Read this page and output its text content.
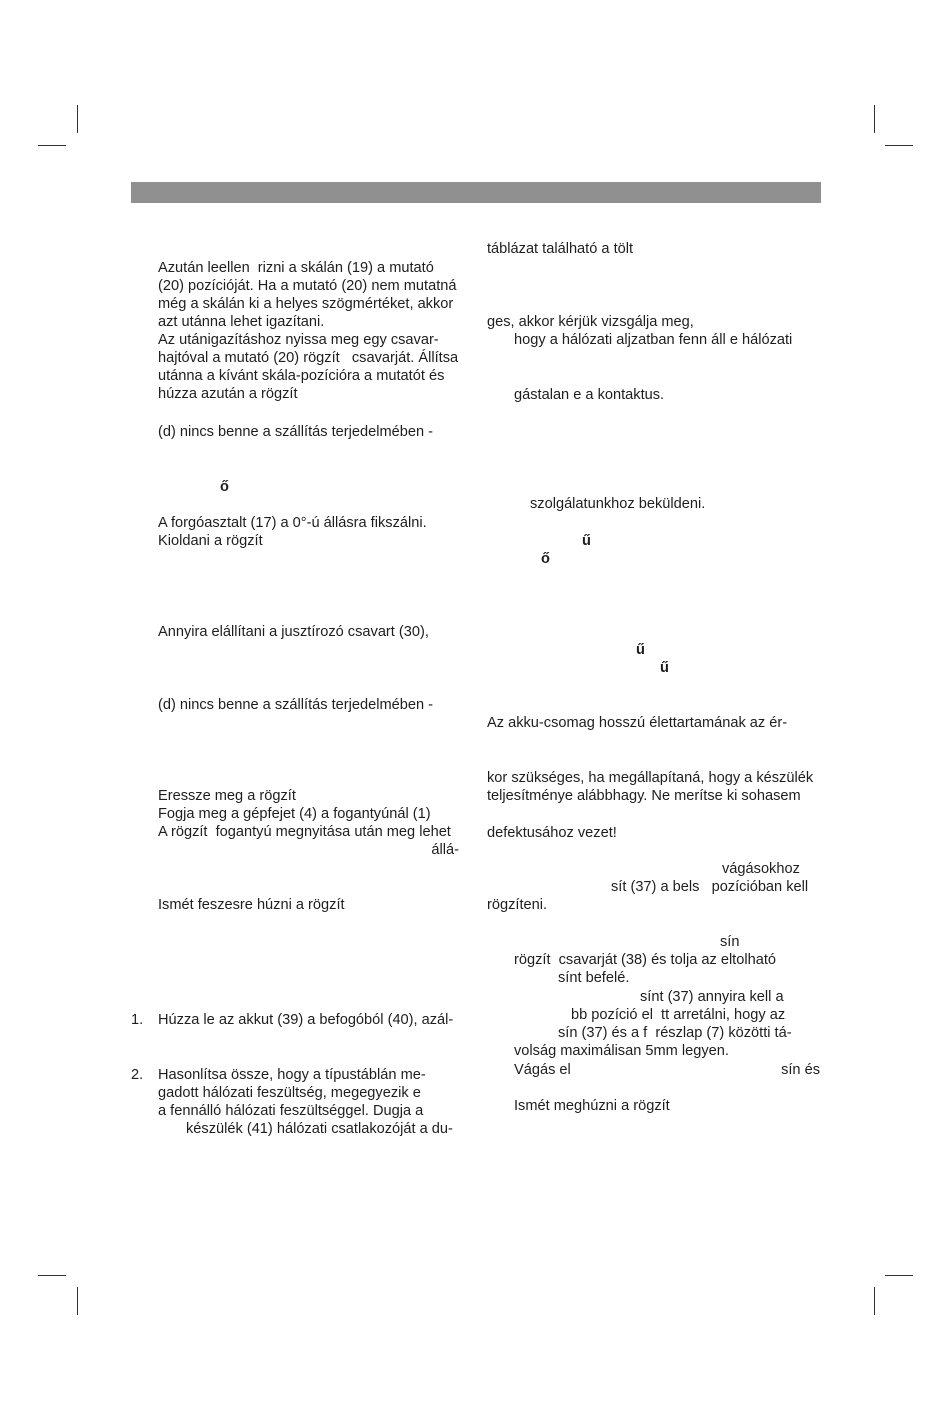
Azután leellen  rizni a skálán (19) a mutató
(20) pozícióját. Ha a mutató (20) nem mutatná
még a skálán ki a helyes szögmértéket, akkor
azt utánna lehet igazítani.
Az utánigazításhoz nyissa meg egy csavar-
hajtóval a mutató (20) rögzít   csavarját. Állítsa
utánna a kívánt skála-pozícióra a mutatót és
húzza azután a rögzít
(d) nincs benne a szállítás terjedelmében -
ő
A forgóasztalt (17) a 0°-ú állásra fikszálni.
Kioldani a rögzít
Annyira elállítani a jusztírozó csavart (30),
(d) nincs benne a szállítás terjedelmében -
Eressze meg a rögzít
Fogja meg a gépfejet (4) a fogantyúnál (1)
A rögzít  fogantyú megnyitása után meg lehet
állá-
Ismét feszesre húzni a rögzít
1. Húzza le az akkut (39) a befogóból (40), azál-
2. Hasonlítsa össze, hogy a típustáblán me-
gadott hálózati feszültség, megegyezik e
a fennálló hálózati feszültséggel. Dugja a
készülék (41) hálózati csatlakozóját a du-
táblázat található a tölt
ges, akkor kérjük vizsgálja meg,
hogy a hálózati aljzatban fenn áll e hálózati
gástalan e a kontaktus.
szolgálatunkhoz beküldeni.
ű
ő
ű
ű
Az akku-csomag hosszú élettartamának az ér-
kor szükséges, ha megállapítaná, hogy a készülék
teljesítménye alábbhagy. Ne merítse ki sohasem
defektusához vezet!
vágásokhoz
sít (37) a bels   pozícióban kell
rögzíteni.
sín
rögzít  csavarját (38) és tolja az eltolható
sínt befelé.
sínt (37) annyira kell a
bb pozíció el  tt arretálni, hogy az
sín (37) és a f  részlap (7) közötti tá-
volság maximálisan 5mm legyen.
Vágás el	sín és
Ismét meghúzni a rögzít
